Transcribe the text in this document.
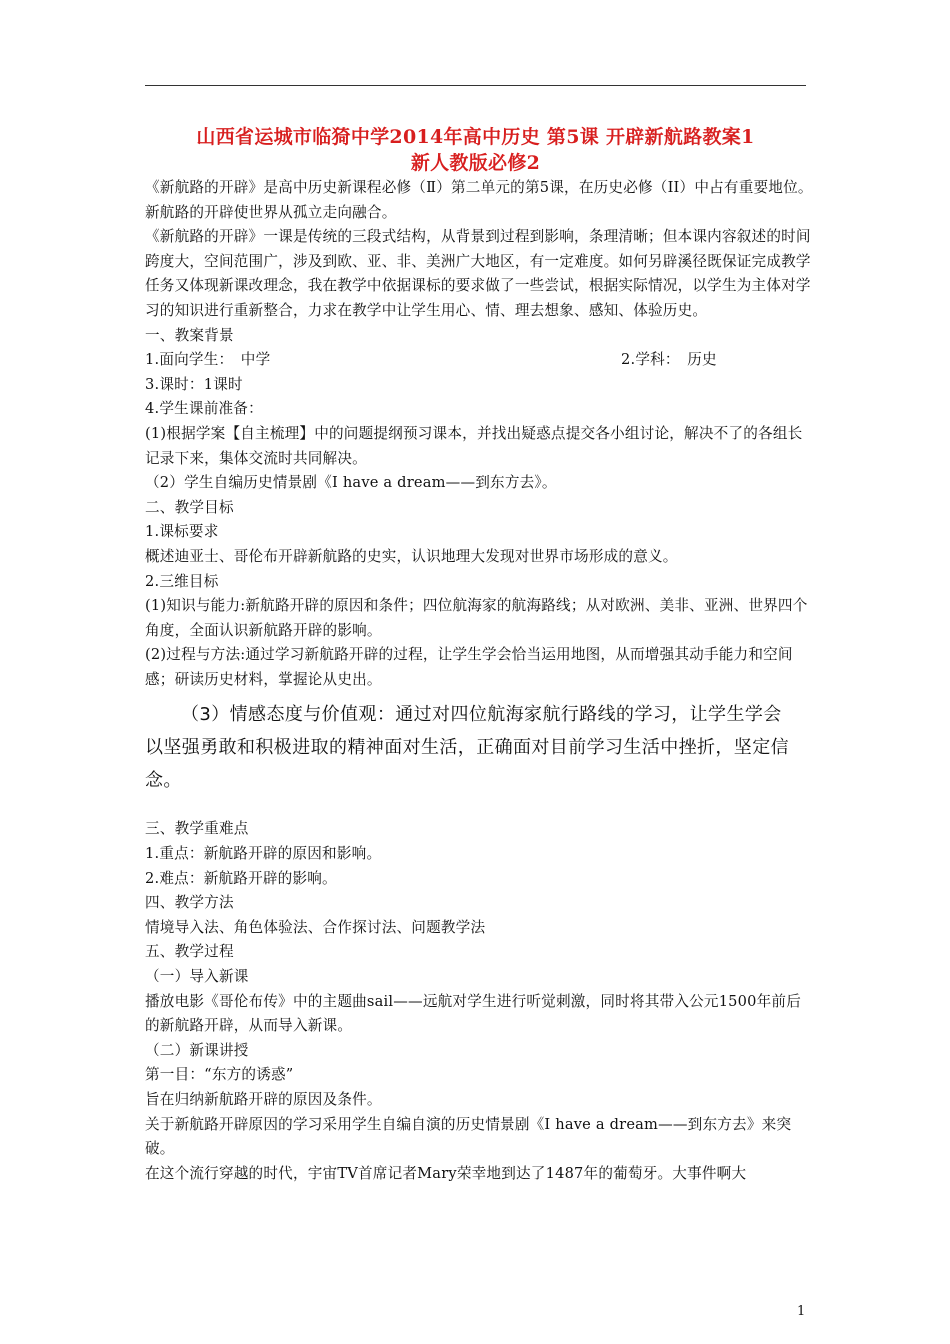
山西省运城市临猗中学2014年高中历史 第5课 开辟新航路教案1
新人教版必修2

《新航路的开辟》是高中历史新课程必修（Ⅱ）第二单元的第5课，在历史必修（II）中占有重要地位。新航路的开辟使世界从孤立走向融合。

《新航路的开辟》一课是传统的三段式结构，从背景到过程到影响，条理清晰；但本课内容叙述的时间跨度大，空间范围广，涉及到欧、亚、非、美洲广大地区，有一定难度。如何另辟溪径既保证完成教学任务又体现新课改理念，我在教学中依据课标的要求做了一些尝试，根据实际情况，以学生为主体对学习的知识进行重新整合，力求在教学中让学生用心、情、理去想象、感知、体验历史。

一、教案背景

1.面向学生：　中学	2.学科：　历史

3.课时：1课时

4.学生课前准备：

(1)根据学案【自主梳理】中的问题提纲预习课本，并找出疑惑点提交各小组讨论，解决不了的各组长记录下来，集体交流时共同解决。

（2）学生自编历史情景剧《I have a dream——到东方去》。

二、教学目标

1.课标要求

概述迪亚士、哥伦布开辟新航路的史实，认识地理大发现对世界市场形成的意义。

2.三维目标

(1)知识与能力:新航路开辟的原因和条件；四位航海家的航海路线；从对欧洲、美非、亚洲、世界四个角度，全面认识新航路开辟的影响。

(2)过程与方法:通过学习新航路开辟的过程，让学生学会恰当运用地图，从而增强其动手能力和空间感；研读历史材料，掌握论从史出。

（3）情感态度与价值观：通过对四位航海家航行路线的学习，让学生学会
以坚强勇敢和积极进取的精神面对生活，正确面对目前学习生活中挫折，坚定信
念。

三、教学重难点

1.重点：新航路开辟的原因和影响。

2.难点：新航路开辟的影响。

四、教学方法

情境导入法、角色体验法、合作探讨法、问题教学法

五、教学过程

（一）导入新课

播放电影《哥伦布传》中的主题曲sail——远航对学生进行听觉刺激，同时将其带入公元1500年前后的新航路开辟，从而导入新课。

（二）新课讲授

第一目：“东方的诱惑”

旨在归纳新航路开辟的原因及条件。

关于新航路开辟原因的学习采用学生自编自演的历史情景剧《I have a dream——到东方去》来突破。

在这个流行穿越的时代，宇宙TV首席记者Mary荣幸地到达了1487年的葡萄牙。大事件啊大

1
